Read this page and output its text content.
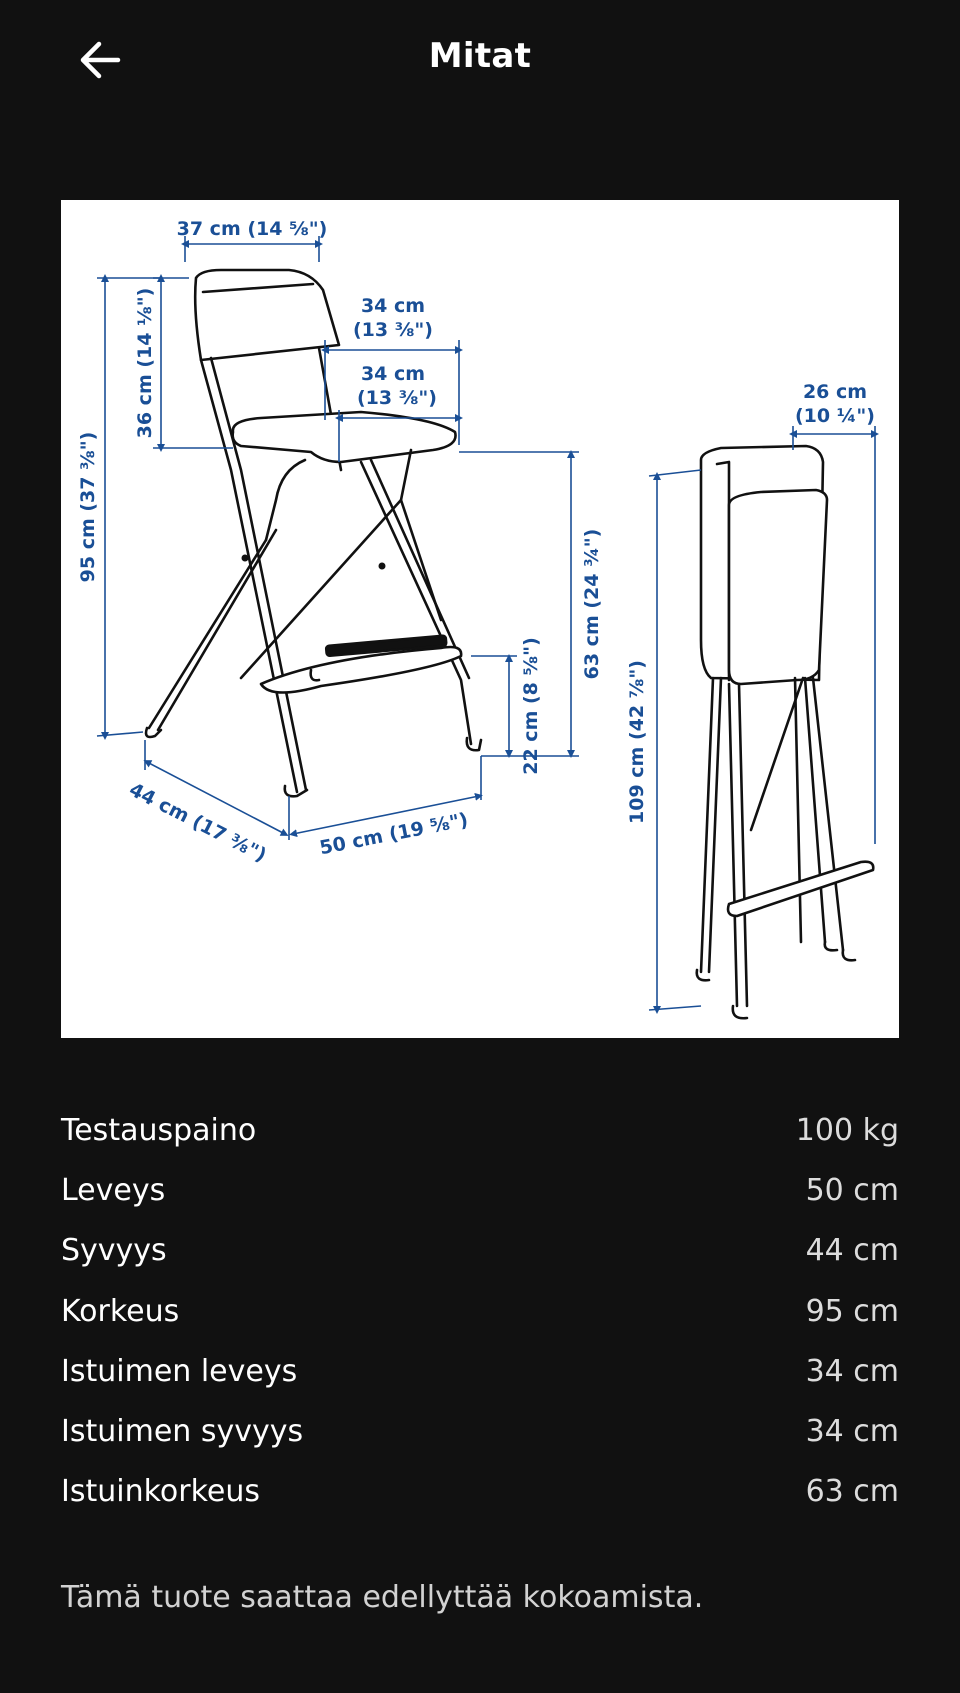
Mitat
37 cm (14 ⅝")
34 cm
(13 ⅜")
34 cm
(13 ⅜")
36 cm (14 ⅛")
95 cm (37 ⅜")
63 cm (24 ¾")
22 cm (8 ⅝")
44 cm (17 ⅜")	50 cm (19 ⅝")
26 cm
(10 ¼")
109 cm (42 ⅞")
Testauspaino	100 kg
Leveys	50 cm
Syvyys	44 cm
Korkeus	95 cm
Istuimen leveys	34 cm
Istuimen syvyys	34 cm
Istuinkorkeus	63 cm
Tämä tuote saattaa edellyttää kokoamista.
